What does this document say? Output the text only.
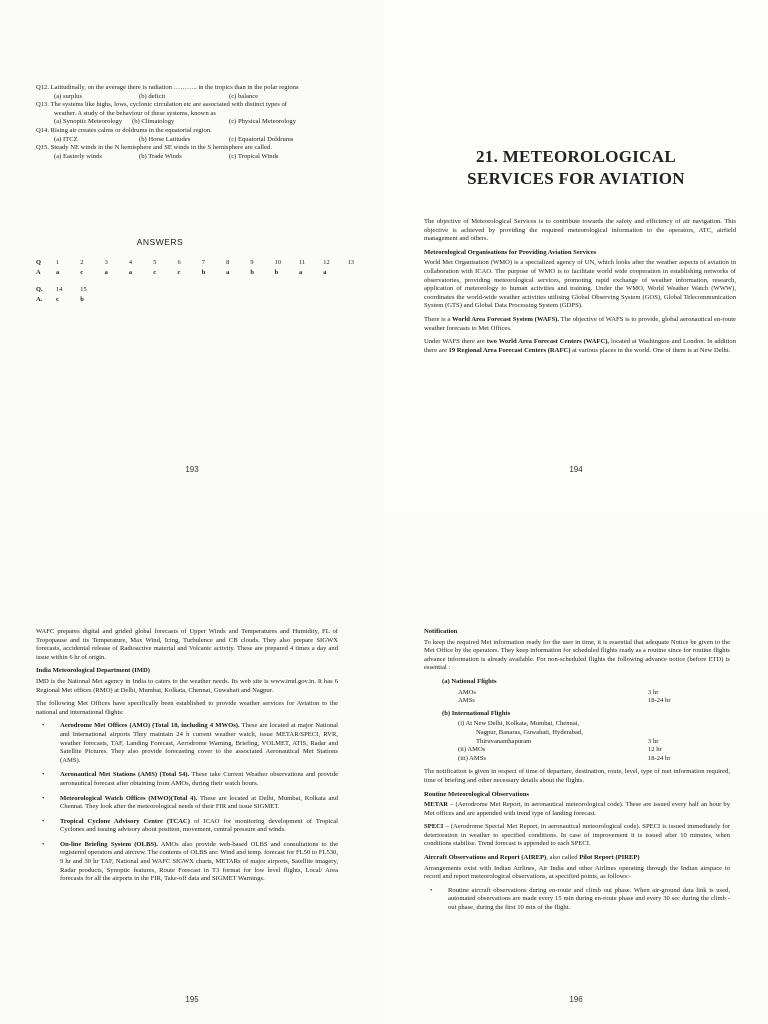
Q12. Latitudinally, on the average there is radiation ……….. in the tropics than in the polar regions
(a) surplus	(b) deficit	(c) balance
Q13. The systems like highs, lows, cyclonic circulation etc are associated with distinct types of
weather. A study of the behaviour of these systems, known as
(a) Synoptic Meteorology	(b) Climatology	(c) Physical Meteorology
Q14. Rising air creates calms or doldrums in the equatorial region.
(a) ITCZ	(b) Horse Latitudes	(c) Equatorial Doldrums
Q15. Steady NE winds in the N hemisphere and SE winds in the S hemisphere are called.
(a) Easterly winds	(b) Trade Winds	(c) Tropical Winds
ANSWERS
Q	1	2	3	4	5	6	7	8	9	10	11	12	13
A	a	c	a	a	c	c	b	a	b	b	a	a
Q.	14	15
A.	c	b
193
21. METEOROLOGICAL
SERVICES FOR AVIATION

The objective of Meteorological Services is to contribute towards the safety and efficiency of air navigation. This objective is achieved by providing the required meteorological information to the operators, ATC, airfield management and others.

Meteorological Organisations for Providing Aviation Services

World Met Organisation (WMO) is a specialized agency of UN, which looks after the weather aspects of aviation in collaboration with ICAO. The purpose of WMO is to facilitate world wide cooperation in establishing networks of observatories, providing meteorological services, promoting rapid exchange of weather information, research, application of meteorology to human activities and training. Under the WMO, World Weather Watch (WWW), coordinates the world-wide weather activities utilising Global Observing System (GOS), Global Telecommunication System (GTS) and Global Data Processing System (GDPS).

There is a World Area Forecast System (WAFS). The objective of WAFS is to provide, global aeronautical en-route weather forecasts to Met Offices.

Under WAFS there are two World Area Forecast Centers (WAFC), located at Washington and London. In addition there are 19 Regional Area Forecast Centers (RAFC) at various places in the world. One of them is at New Delhi.

194

WAFC prepares digital and grided global forecasts of Upper Winds and Temperatures and Humidity, FL of Tropopause and its Temperature, Max Wind, Icing, Turbulence and CB clouds. They also prepare SIGWX forecasts, accidental release of Radioactive material and Volcanic activity. These are prepared 4 times a day and issue within 6 hr of origin.

India Meteorological Department (IMD)

IMD is the National Met agency in India to caters to the weather needs. Its web site is www.imd.gov.in. It has 6 Regional Met offices (RMO) at Delhi, Mumbai, Kolkata, Chennai, Guwahati and Nagpur.

The following Met Offices have specifically been established to provide weather services for Aviation to the national and international flights:

• Aerodrome Met Offices (AMO) (Total 18, including 4 MWOs). These are located at major National and International airports They maintain 24 h current weather watch, issue METAR/SPECI, RVR, weather forecasts, TAF, Landing Forecast, Aerodrome Warning, Briefing, VOLMET, ATIS, Radar and Satellite Pictures. They also provide forecasting cover to the associated Aeronautical Met Stations (AMS).
• Aeronautical Met Stations (AMS) (Total 54). These take Current Weather observations and provide aeronautical forecast after obtaining from AMOs, during their watch hours.
• Meteorological Watch Offices (MWO)(Total 4). These are located at Delhi, Mumbai, Kolkata and Chennai. They look after the meteorological needs of their FIR and issue SIGMET.
• Tropical Cyclone Advisory Centre (TCAC) of ICAO for monitoring development of Tropical Cyclones and issuing advisory about position, movement, central pressure and winds.
• On-line Briefing System (OLBS). AMOs also provide web-based OLBS and consultations to the registered operators and aircrew. The contents of OLBS are: Wind and temp. forecast for FL50 to FL530, 9 hr and 30 hr TAF, National and WAFC SIGWX charts, METARs of major airports, Satellite imagery, Radar products, Synoptic features, Route Forecast in T3 format for low level flights, Local/ Area forecasts for all the airports in the FIR, Take-off data and SIGMET Warnings.
195
Notification

To keep the required Met information ready for the user in time, it is essential that adequate Notice be given to the Met Office by the operators. They keep information for scheduled flights ready as a routine since for routine flights advance information is already available. For non-scheduled flights the following advance notice (before ETD) is essential :

(a) National Flights
AMOs	3 hr
AMSs	18-24 hr
(b) International Flights
(i) At New Delhi, Kolkata, Mumbai, Chennai,
Nagpur, Banaras, Guwahati, Hyderabad,
Thiruvananthapuram	3 hr
(ii) AMOs	12 hr
(iii) AMSs	18-24 hr

The notification is given in respect of time of departure, destination, route, level, type of met information required, time of briefing and other necessary details about the flights.

Routine Meteorological Observations

METAR – (Aerodrome Met Report, in aeronautical meteorological code). These are issued every half an hour by Met offices and are appended with trend type of landing forecast.

SPECI – (Aerodrome Special Met Report, in aeronautical meteorological code). SPECI is issued immediately for deterioration in weather to specified conditions. In case of improvement it is issued after 10 minutes, when conditions stabilise. Trend forecast is appended to each SPECI.

Aircraft Observations and Report (AIREP), also called Pilot Report (PIREP)

Arrangements exist with Indian Airlines, Air India and other Airlines operating through the Indian airspace to record and report meteorological observations, at specified points, as follows:-

• Routine aircraft observations during en-route and climb out phase. When air-ground data link is used, automated observations are made every 15 min during en-route phase and every 30 sec during the climb - out phase, during the first 10 min of the flight.
196
